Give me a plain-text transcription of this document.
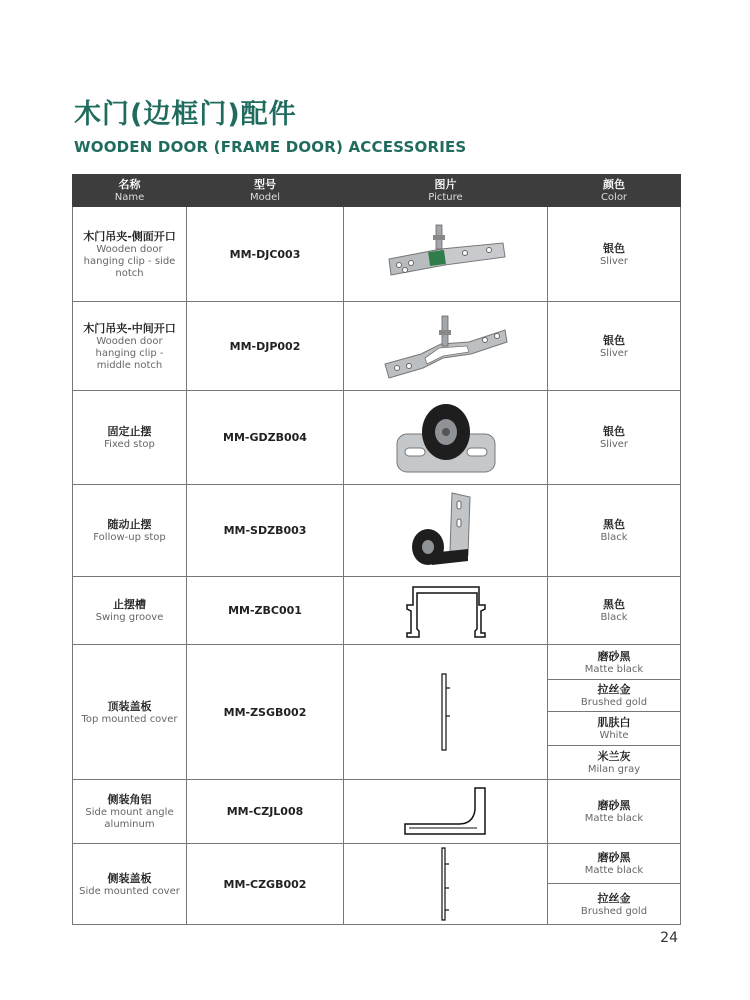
木门(边框门)配件
WOODEN DOOR (FRAME DOOR) ACCESSORIES
名称
Name	型号
Model	图片
Picture	颜色
Color

木门吊夹-侧面开口
Wooden door hanging clip - side notch	MM-DJC003		银色
Sliver

木门吊夹-中间开口
Wooden door hanging clip - middle notch	MM-DJP002		银色
Sliver

固定止摆
Fixed stop	MM-GDZB004		银色
Sliver

随动止摆
Follow-up stop	MM-SDZB003		黑色
Black

止摆槽
Swing groove	MM-ZBC001		黑色
Black

顶装盖板
Top mounted cover	MM-ZSGB002		磨砂黑
Matte black

			拉丝金
Brushed gold

			肌肤白
White

			米兰灰
Milan gray

侧装角铝
Side mount angle aluminum	MM-CZJL008		磨砂黑
Matte black

侧装盖板
Side mounted cover	MM-CZGB002		磨砂黑
Matte black

			拉丝金
Brushed gold
24
